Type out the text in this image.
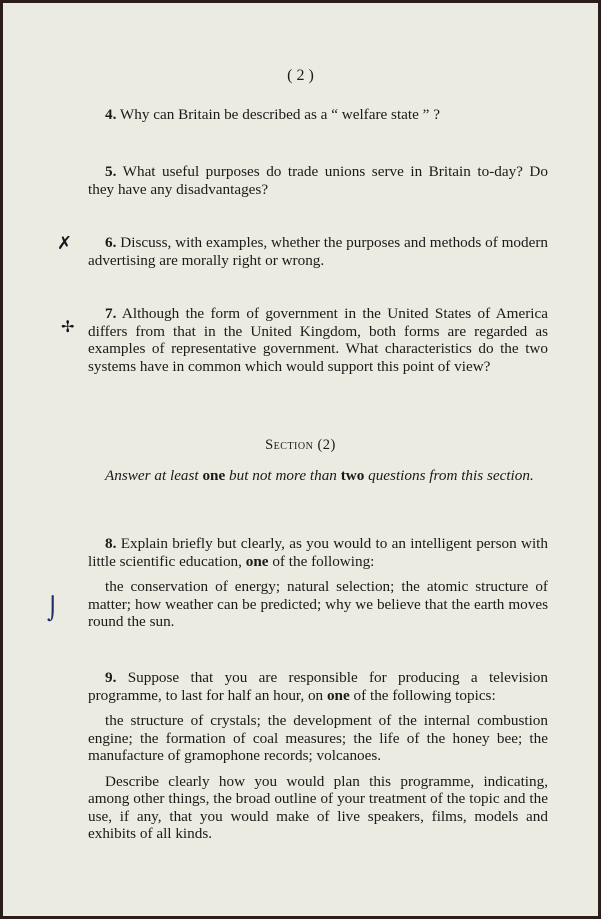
( 2 )
4. Why can Britain be described as a “ welfare state ” ?
5. What useful purposes do trade unions serve in Britain to-day? Do they have any disadvantages?
✗	6. Discuss, with examples, whether the purposes and methods of modern advertising are morally right or wrong.
✢
7. Although the form of government in the United States of America differs from that in the United Kingdom, both forms are regarded as examples of representative government. What characteristics do the two systems have in common which would support this point of view?
Section (2)
Answer at least one but not more than two questions from this section.
8. Explain briefly but clearly, as you would to an intelligent person with little scientific education, one of the following:
the conservation of energy; natural selection; the atomic structure of matter; how weather can be predicted; why we believe that the earth moves round the sun.
⌡
9. Suppose that you are responsible for producing a television programme, to last for half an hour, on one of the following topics:
the structure of crystals; the development of the internal combustion engine; the formation of coal measures; the life of the honey bee; the manufacture of gramophone records; volcanoes.
Describe clearly how you would plan this programme, indicating, among other things, the broad outline of your treatment of the topic and the use, if any, that you would make of live speakers, films, models and exhibits of all kinds.
